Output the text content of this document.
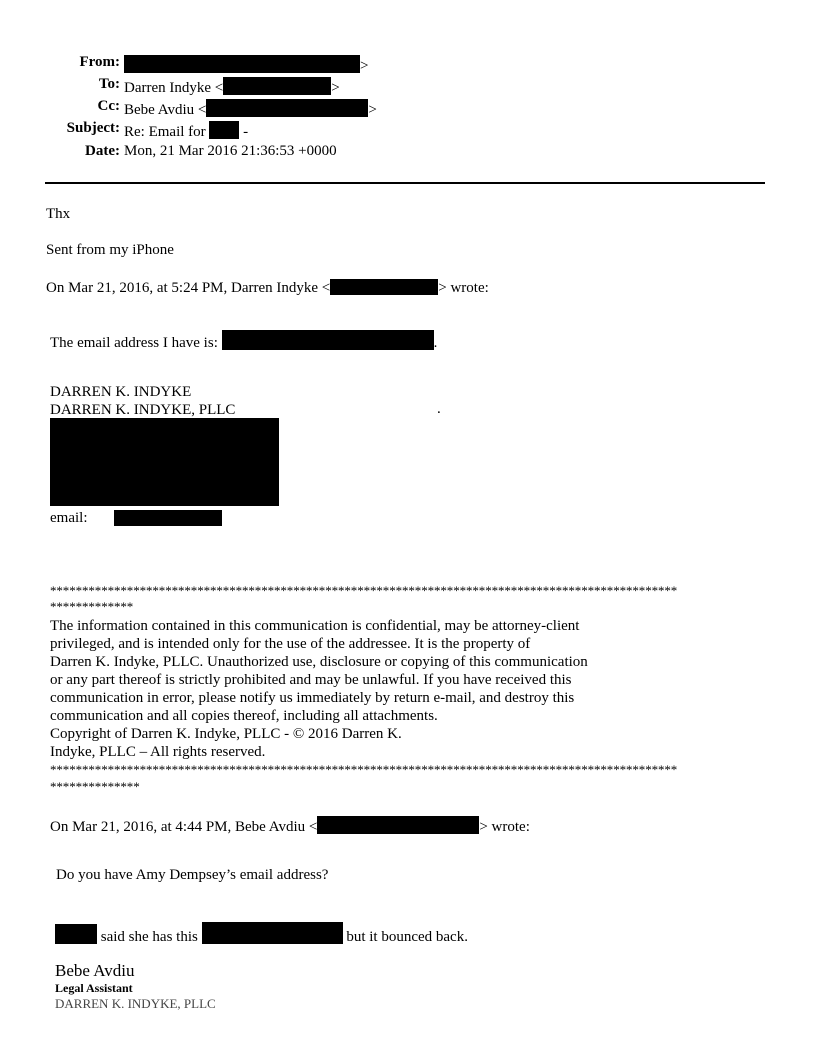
From:	>
To: Darren Indyke <	>
Cc: Bebe Avdiu <	>
Subject: Re: Email for	-
Date: Mon, 21 Mar 2016 21:36:53 +0000
Thx
Sent from my iPhone
On Mar 21, 2016, at 5:24 PM, Darren Indyke <	> wrote:
The email address I have is:	.
DARREN K. INDYKE
DARREN K. INDYKE, PLLC	.
email:
**************************************************************************************************
*************
The information contained in this communication is confidential, may be attorney-client
privileged, and is intended only for the use of the addressee. It is the property of
Darren K. Indyke, PLLC. Unauthorized use, disclosure or copying of this communication
or any part thereof is strictly prohibited and may be unlawful. If you have received this
communication in error, please notify us immediately by return e-mail, and destroy this
communication and all copies thereof, including all attachments.
Copyright of Darren K. Indyke, PLLC - © 2016 Darren K.
Indyke, PLLC – All rights reserved.
**************************************************************************************************
**************
On Mar 21, 2016, at 4:44 PM, Bebe Avdiu <	> wrote:
Do you have Amy Dempsey’s email address?
said she has this	but it bounced back.
Bebe Avdiu
Legal Assistant
DARREN K. INDYKE, PLLC
